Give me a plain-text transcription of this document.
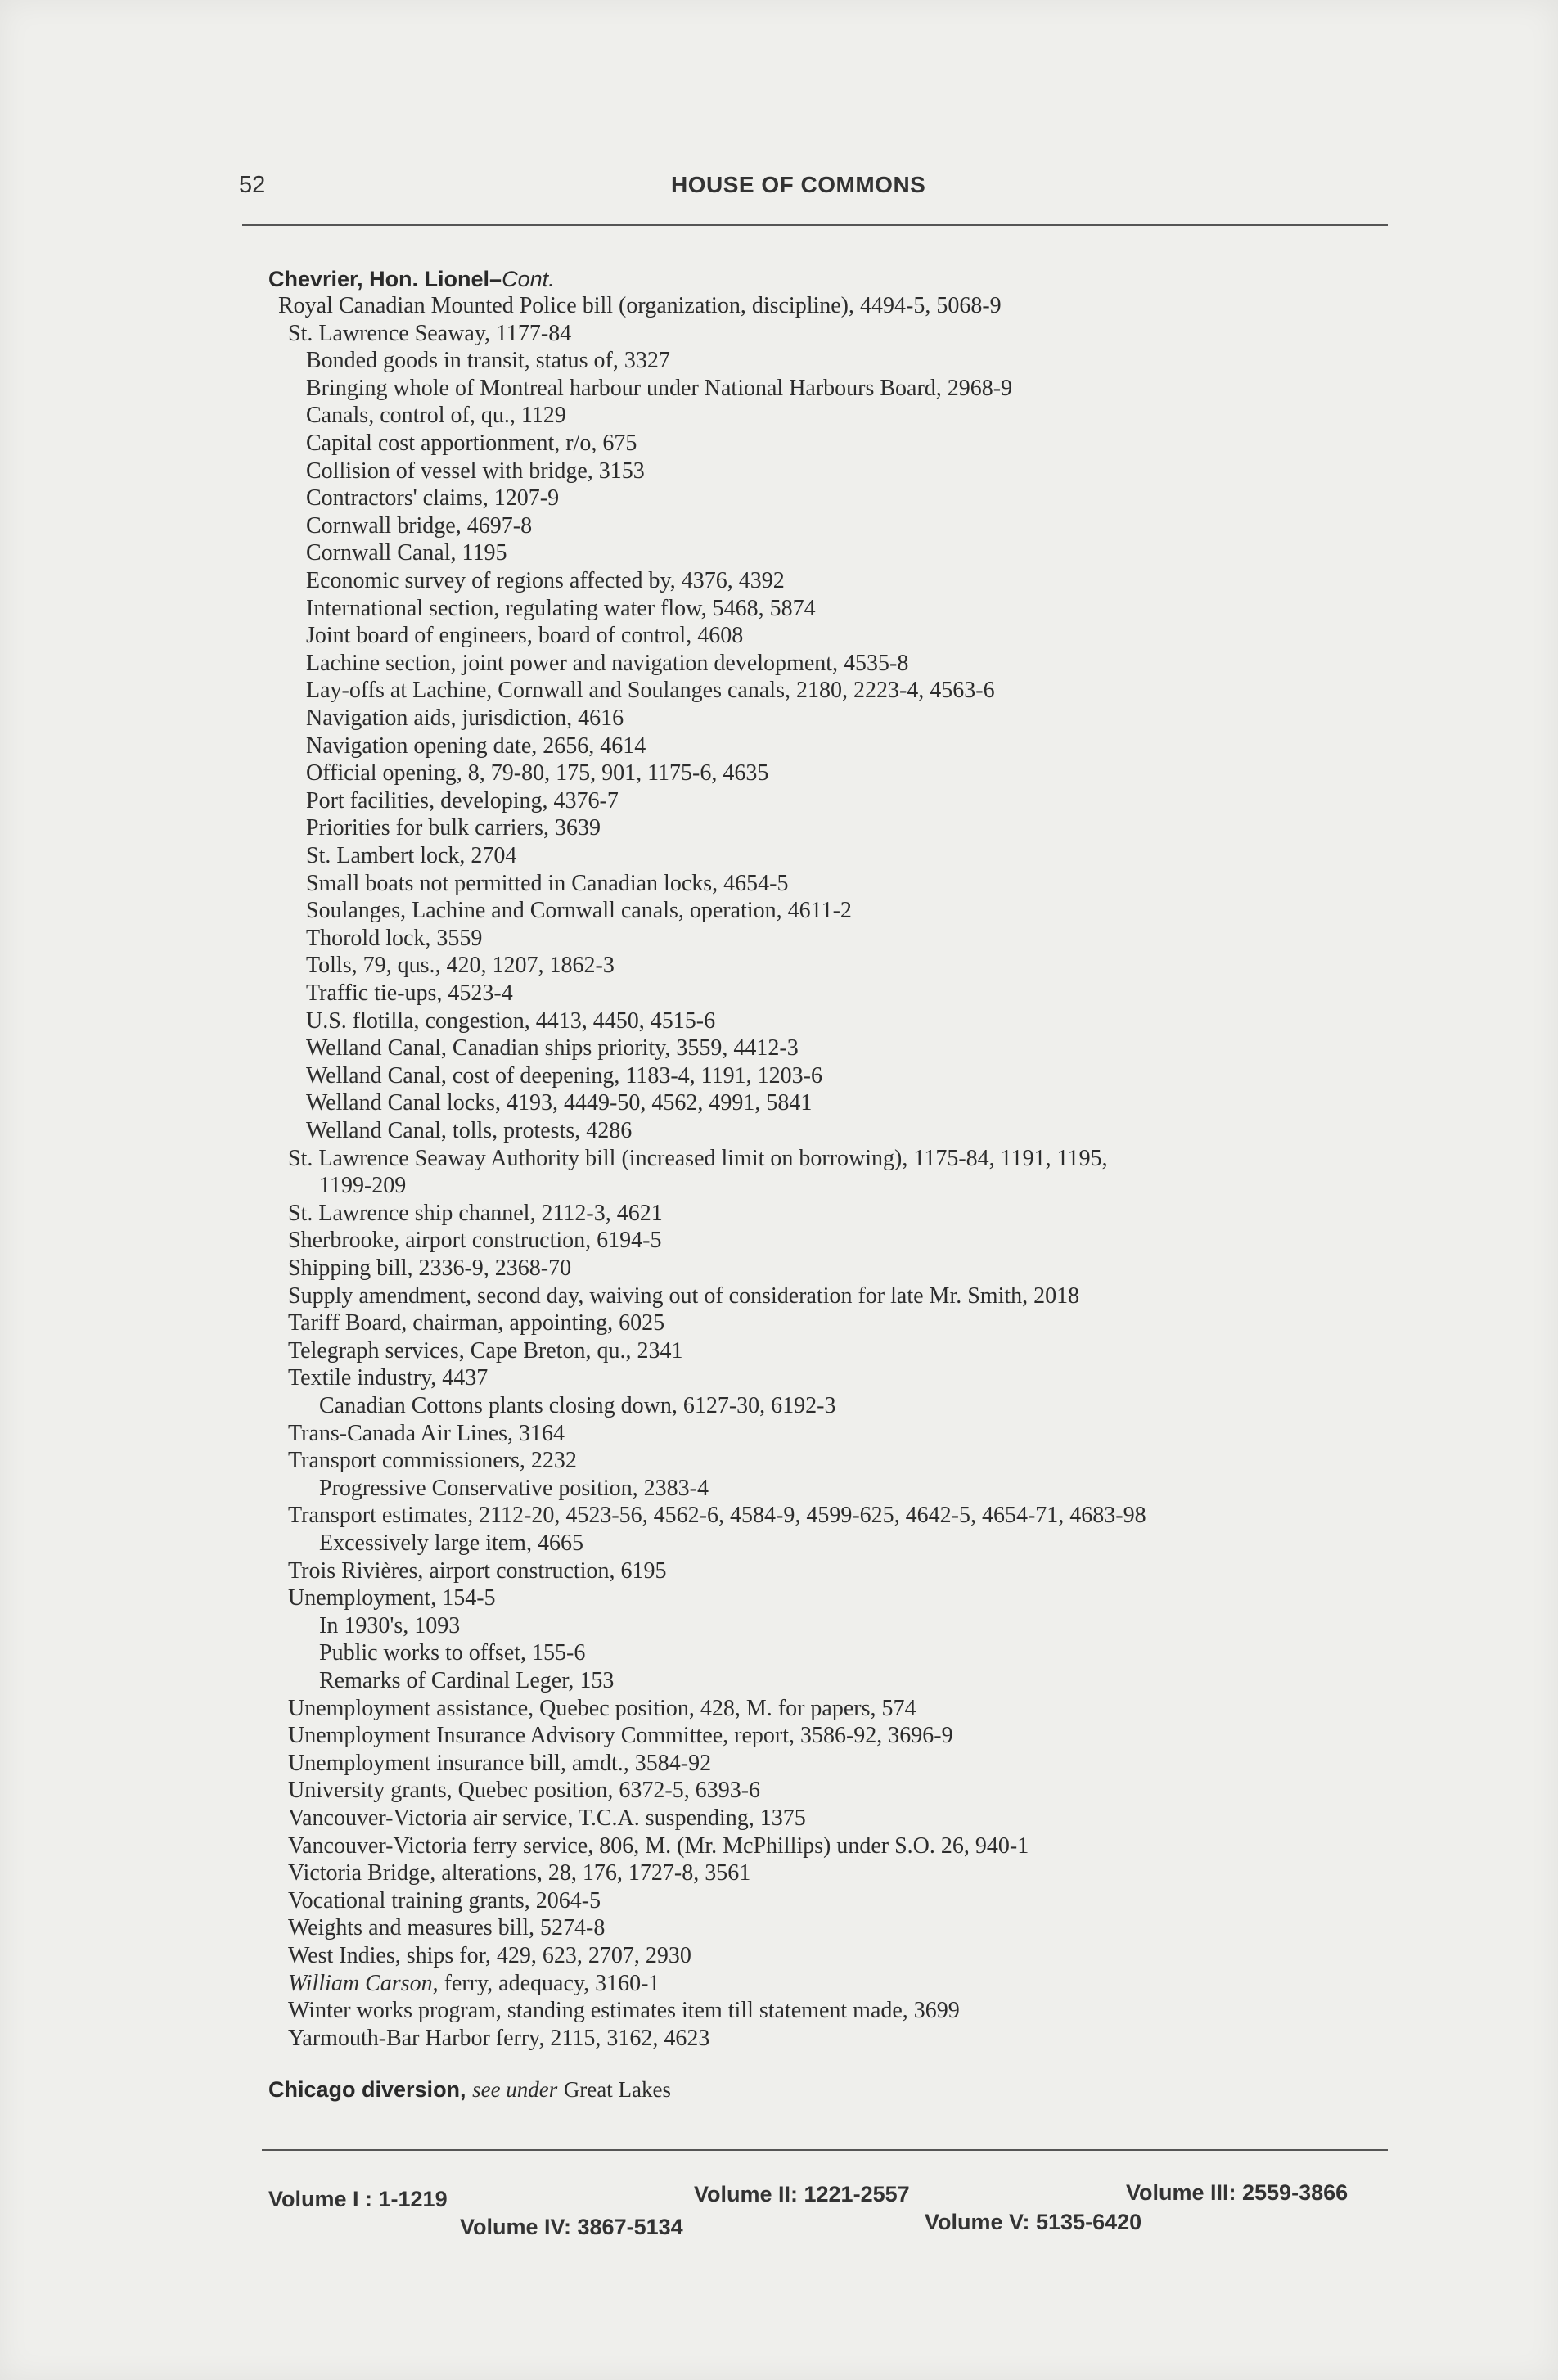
52	HOUSE OF COMMONS
Chevrier, Hon. Lionel–Cont.
Royal Canadian Mounted Police bill (organization, discipline), 4494-5, 5068-9
St. Lawrence Seaway, 1177-84
Bonded goods in transit, status of, 3327
Bringing whole of Montreal harbour under National Harbours Board, 2968-9
Canals, control of, qu., 1129
Capital cost apportionment, r/o, 675
Collision of vessel with bridge, 3153
Contractors' claims, 1207-9
Cornwall bridge, 4697-8
Cornwall Canal, 1195
Economic survey of regions affected by, 4376, 4392
International section, regulating water flow, 5468, 5874
Joint board of engineers, board of control, 4608
Lachine section, joint power and navigation development, 4535-8
Lay-offs at Lachine, Cornwall and Soulanges canals, 2180, 2223-4, 4563-6
Navigation aids, jurisdiction, 4616
Navigation opening date, 2656, 4614
Official opening, 8, 79-80, 175, 901, 1175-6, 4635
Port facilities, developing, 4376-7
Priorities for bulk carriers, 3639
St. Lambert lock, 2704
Small boats not permitted in Canadian locks, 4654-5
Soulanges, Lachine and Cornwall canals, operation, 4611-2
Thorold lock, 3559
Tolls, 79, qus., 420, 1207, 1862-3
Traffic tie-ups, 4523-4
U.S. flotilla, congestion, 4413, 4450, 4515-6
Welland Canal, Canadian ships priority, 3559, 4412-3
Welland Canal, cost of deepening, 1183-4, 1191, 1203-6
Welland Canal locks, 4193, 4449-50, 4562, 4991, 5841
Welland Canal, tolls, protests, 4286
St. Lawrence Seaway Authority bill (increased limit on borrowing), 1175-84, 1191, 1195,
1199-209
St. Lawrence ship channel, 2112-3, 4621
Sherbrooke, airport construction, 6194-5
Shipping bill, 2336-9, 2368-70
Supply amendment, second day, waiving out of consideration for late Mr. Smith, 2018
Tariff Board, chairman, appointing, 6025
Telegraph services, Cape Breton, qu., 2341
Textile industry, 4437
Canadian Cottons plants closing down, 6127-30, 6192-3
Trans-Canada Air Lines, 3164
Transport commissioners, 2232
Progressive Conservative position, 2383-4
Transport estimates, 2112-20, 4523-56, 4562-6, 4584-9, 4599-625, 4642-5, 4654-71, 4683-98
Excessively large item, 4665
Trois Rivières, airport construction, 6195
Unemployment, 154-5
In 1930's, 1093
Public works to offset, 155-6
Remarks of Cardinal Leger, 153
Unemployment assistance, Quebec position, 428, M. for papers, 574
Unemployment Insurance Advisory Committee, report, 3586-92, 3696-9
Unemployment insurance bill, amdt., 3584-92
University grants, Quebec position, 6372-5, 6393-6
Vancouver-Victoria air service, T.C.A. suspending, 1375
Vancouver-Victoria ferry service, 806, M. (Mr. McPhillips) under S.O. 26, 940-1
Victoria Bridge, alterations, 28, 176, 1727-8, 3561
Vocational training grants, 2064-5
Weights and measures bill, 5274-8
West Indies, ships for, 429, 623, 2707, 2930
William Carson, ferry, adequacy, 3160-1
Winter works program, standing estimates item till statement made, 3699
Yarmouth-Bar Harbor ferry, 2115, 3162, 4623
Chicago diversion, see under Great Lakes
Volume I : 1-1219	Volume II: 1221-2557	Volume III: 2559-3866
Volume IV: 3867-5134	Volume V: 5135-6420
